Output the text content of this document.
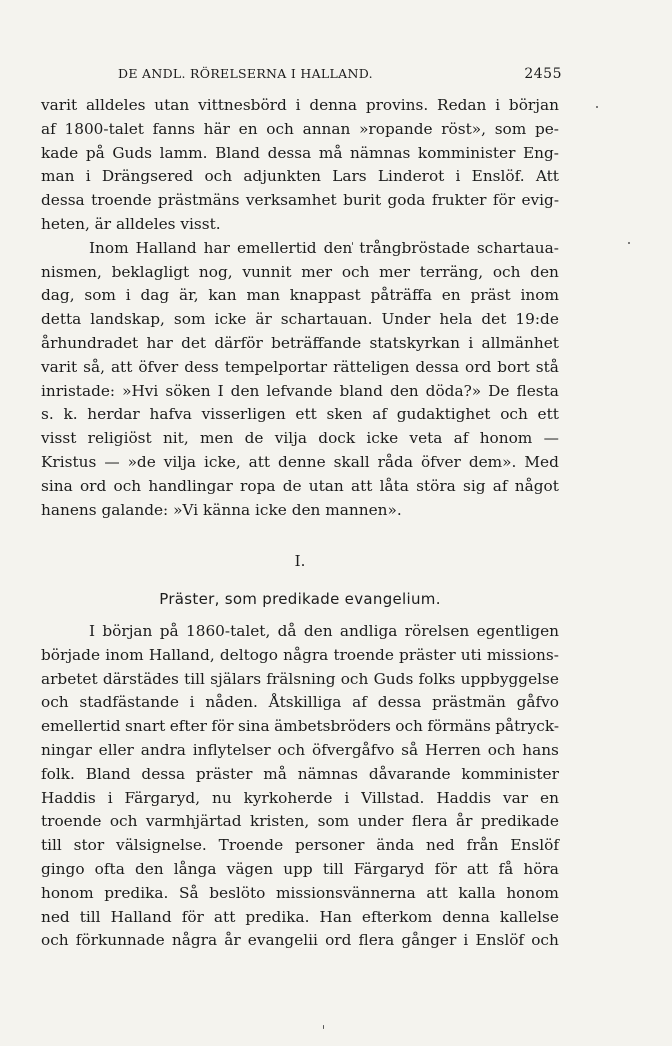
DE ANDL. RÖRELSERNA I HALLAND.	2455
varit alldeles utan vittnesbörd i denna provins. Redan i början
af 1800-talet fanns här en och annan »ropande röst», som pe-
kade på Guds lamm. Bland dessa må nämnas komminister Eng-
man i Drängsered och adjunkten Lars Linderot i Enslöf. Att
dessa troende prästmäns verksamhet burit goda frukter för evig-
heten, är alldeles visst.
Inom Halland har emellertid den trångbröstade schartaua-
nismen, beklagligt nog, vunnit mer och mer terräng, och den
dag, som i dag är, kan man knappast påträffa en präst inom
detta landskap, som icke är schartauan. Under hela det 19:de
århundradet har det därför beträffande statskyrkan i allmänhet
varit så, att öfver dess tempelportar rätteligen dessa ord bort stå
inristade: »Hvi söken I den lefvande bland den döda?» De flesta
s. k. herdar hafva visserligen ett sken af gudaktighet och ett
visst religiöst nit, men de vilja dock icke veta af honom —
Kristus — »de vilja icke, att denne skall råda öfver dem». Med
sina ord och handlingar ropa de utan att låta störa sig af något
hanens galande: »Vi känna icke den mannen».
I.
Präster, som predikade evangelium.
I början på 1860-talet, då den andliga rörelsen egentligen
började inom Halland, deltogo några troende präster uti missions-
arbetet därstädes till själars frälsning och Guds folks uppbyggelse
och stadfästande i nåden. Åtskilliga af dessa prästmän gåfvo
emellertid snart efter för sina ämbetsbröders och förmäns påtryck-
ningar eller andra inflytelser och öfvergåfvo så Herren och hans
folk. Bland dessa präster må nämnas dåvarande komminister
Haddis i Färgaryd, nu kyrkoherde i Villstad. Haddis var en
troende och varmhjärtad kristen, som under flera år predikade
till stor välsignelse. Troende personer ända ned från Enslöf
gingo ofta den långa vägen upp till Färgaryd för att få höra
honom predika. Så beslöto missionsvännerna att kalla honom
ned till Halland för att predika. Han efterkom denna kallelse
och förkunnade några år evangelii ord flera gånger i Enslöf och
